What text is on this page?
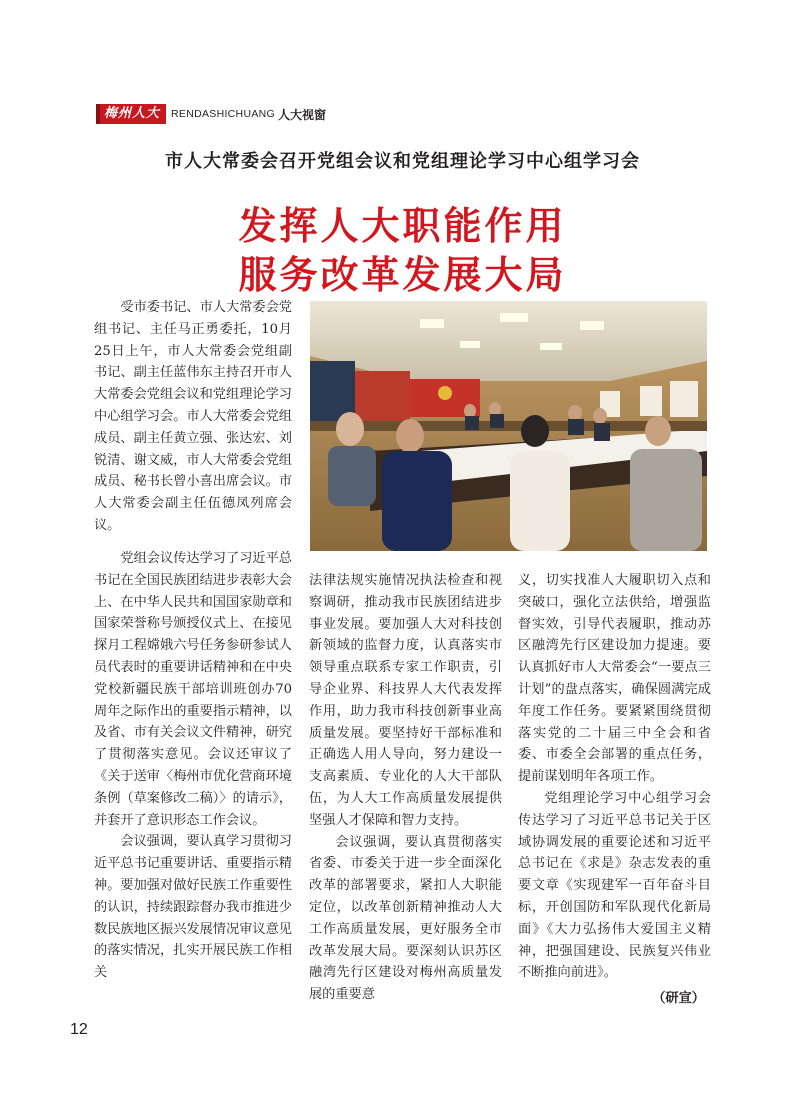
梅州人大	RENDASHICHUANG 人大视窗
市人大常委会召开党组会议和党组理论学习中心组学习会
发挥人大职能作用
服务改革发展大局

受市委书记、市人大常委会党组书记、主任马正勇委托，10月25日上午，市人大常委会党组副书记、副主任蓝伟东主持召开市人大常委会党组会议和党组理论学习中心组学习会。市人大常委会党组成员、副主任黄立强、张达宏、刘锐清、谢文威，市人大常委会党组成员、秘书长曾小喜出席会议。市人大常委会副主任伍德凤列席会议。

党组会议传达学习了习近平总书记在全国民族团结进步表彰大会上、在中华人民共和国国家勋章和国家荣誉称号颁授仪式上、在接见探月工程嫦娥六号任务参研参试人员代表时的重要讲话精神和在中央党校新疆民族干部培训班创办70周年之际作出的重要指示精神，以及省、市有关会议文件精神，研究了贯彻落实意见。会议还审议了《关于送审〈梅州市优化营商环境条例（草案修改二稿）〉的请示》，并套开了意识形态工作会议。

会议强调，要认真学习贯彻习近平总书记重要讲话、重要指示精神。要加强对做好民族工作重要性的认识，持续跟踪督办我市推进少数民族地区振兴发展情况审议意见的落实情况，扎实开展民族工作相关

法律法规实施情况执法检查和视察调研，推动我市民族团结进步事业发展。要加强人大对科技创新领域的监督力度，认真落实市领导重点联系专家工作职责，引导企业界、科技界人大代表发挥作用，助力我市科技创新事业高质量发展。要坚持好干部标准和正确选人用人导向，努力建设一支高素质、专业化的人大干部队伍，为人大工作高质量发展提供坚强人才保障和智力支持。

会议强调，要认真贯彻落实省委、市委关于进一步全面深化改革的部署要求，紧扣人大职能定位，以改革创新精神推动人大工作高质量发展，更好服务全市改革发展大局。要深刻认识苏区融湾先行区建设对梅州高质量发展的重要意

义，切实找准人大履职切入点和突破口，强化立法供给，增强监督实效，引导代表履职，推动苏区融湾先行区建设加力提速。要认真抓好市人大常委会“一要点三计划”的盘点落实，确保圆满完成年度工作任务。要紧紧围绕贯彻落实党的二十届三中全会和省委、市委全会部署的重点任务，提前谋划明年各项工作。

党组理论学习中心组学习会传达学习了习近平总书记关于区域协调发展的重要论述和习近平总书记在《求是》杂志发表的重要文章《实现建军一百年奋斗目标，开创国防和军队现代化新局面》《大力弘扬伟大爱国主义精神，把强国建设、民族复兴伟业不断推向前进》。

（研宣）
12
